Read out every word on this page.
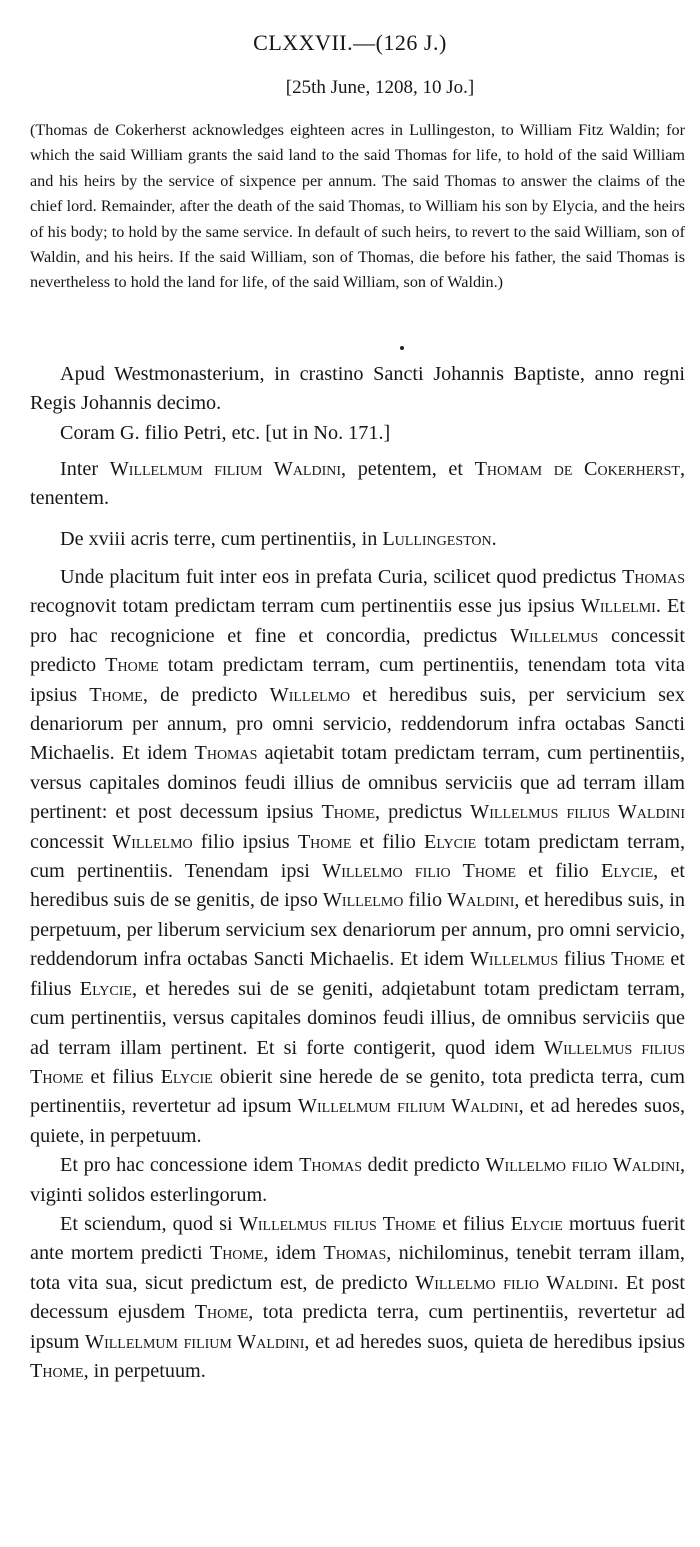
CLXXVII.—(126 J.)
[25th June, 1208, 10 Jo.]

(Thomas de Cokerherst acknowledges eighteen acres in Lullingeston, to William Fitz Waldin; for which the said William grants the said land to the said Thomas for life, to hold of the said William and his heirs by the service of sixpence per annum. The said Thomas to answer the claims of the chief lord. Remainder, after the death of the said Thomas, to William his son by Elycia, and the heirs of his body; to hold by the same service. In default of such heirs, to revert to the said William, son of Waldin, and his heirs. If the said William, son of Thomas, die before his father, the said Thomas is nevertheless to hold the land for life, of the said William, son of Waldin.)

Apud Westmonasterium, in crastino Sancti Johannis Baptiste, anno regni Regis Johannis decimo.

Coram G. filio Petri, etc. [ut in No. 171.]

Inter Willelmum filium Waldini, petentem, et Thomam de Cokerherst, tenentem.

De xviii acris terre, cum pertinentiis, in Lullingeston.

Unde placitum fuit inter eos in prefata Curia, scilicet quod predictus Thomas recognovit totam predictam terram cum pertinentiis esse jus ipsius Willelmi. Et pro hac recognicione et fine et concordia, predictus Willelmus concessit predicto Thome totam predictam terram, cum pertinentiis, tenendam tota vita ipsius Thome, de predicto Willelmo et heredibus suis, per servicium sex denariorum per annum, pro omni servicio, reddendorum infra octabas Sancti Michaelis. Et idem Thomas aqietabit totam predictam terram, cum pertinentiis, versus capitales dominos feudi illius de omnibus serviciis que ad terram illam pertinent: et post decessum ipsius Thome, predictus Willelmus filius Waldini concessit Willelmo filio ipsius Thome et filio Elycie totam predictam terram, cum pertinentiis. Tenendam ipsi Willelmo filio Thome et filio Elycie, et heredibus suis de se genitis, de ipso Willelmo filio Waldini, et heredibus suis, in perpetuum, per liberum servicium sex denariorum per annum, pro omni servicio, reddendorum infra octabas Sancti Michaelis. Et idem Willelmus filius Thome et filius Elycie, et heredes sui de se geniti, adqietabunt totam predictam terram, cum pertinentiis, versus capitales dominos feudi illius, de omnibus serviciis que ad terram illam pertinent. Et si forte contigerit, quod idem Willelmus filius Thome et filius Elycie obierit sine herede de se genito, tota predicta terra, cum pertinentiis, revertetur ad ipsum Willelmum filium Waldini, et ad heredes suos, quiete, in perpetuum.

Et pro hac concessione idem Thomas dedit predicto Willelmo filio Waldini, viginti solidos esterlingorum.

Et sciendum, quod si Willelmus filius Thome et filius Elycie mortuus fuerit ante mortem predicti Thome, idem Thomas, nichilominus, tenebit terram illam, tota vita sua, sicut predictum est, de predicto Willelmo filio Waldini. Et post decessum ejusdem Thome, tota predicta terra, cum pertinentiis, revertetur ad ipsum Willelmum filium Waldini, et ad heredes suos, quieta de heredibus ipsius Thome, in perpetuum.
